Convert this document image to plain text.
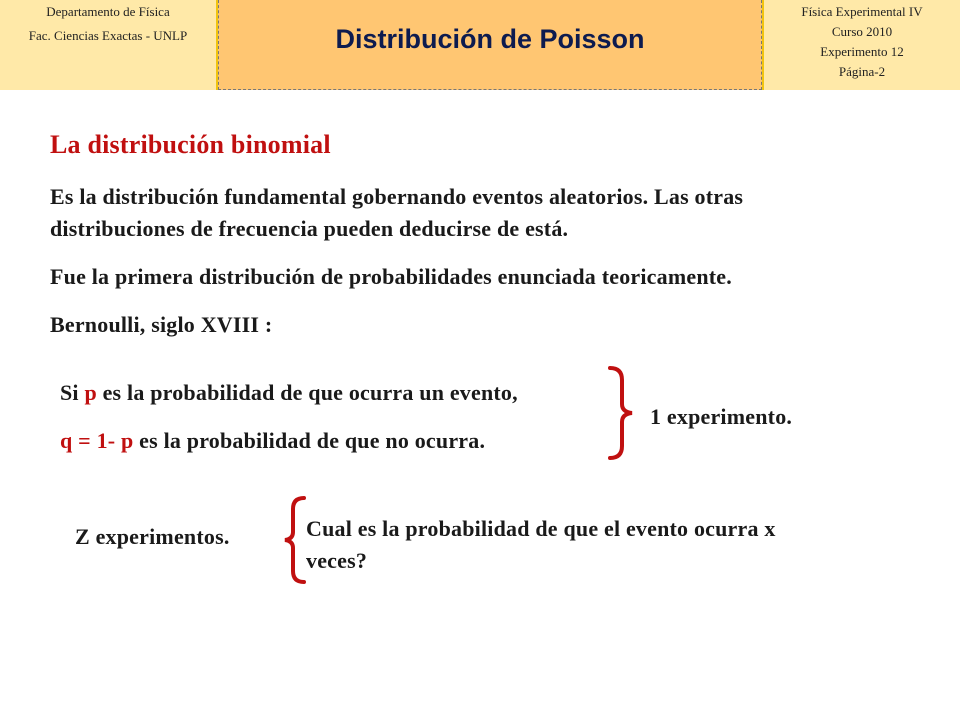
Departamento de Física
Fac. Ciencias Exactas - UNLP	Distribución de Poisson
Física Experimental IV
Curso 2010
Experimento 12
Página-2
La distribución binomial
Es la distribución fundamental gobernando eventos aleatorios. Las otras
distribuciones de frecuencia pueden deducirse de está.
Fue la primera distribución de probabilidades enunciada teoricamente.
Bernoulli, siglo XVIII :
Si p es la probabilidad de que ocurra un evento,
q = 1- p es la probabilidad de que no ocurra.
1 experimento.
Z experimentos.	Cual es la probabilidad de que el evento ocurra x
veces?
